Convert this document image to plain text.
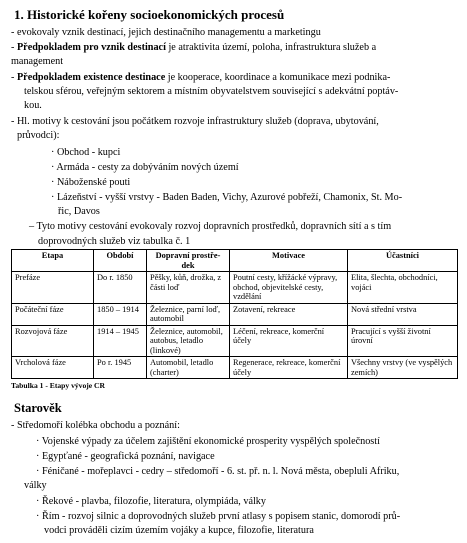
1. Historické kořeny socioekonomických procesů
- evokovaly vznik destinací, jejich destinačního managementu a marketingu
- Předpokladem pro vznik destinací je atraktivita území, poloha, infrastruktura služeb a
management
- Předpokladem existence destinace je kooperace, koordinace a komunikace mezi podnika-
telskou sférou, veřejným sektorem a místním obyvatelstvem související s adekvátní poptáv-
kou.
- Hl. motivy k cestování jsou počátkem rozvoje infrastruktury služeb (doprava, ubytování,
průvodci):
· Obchod - kupci
· Armáda - cesty za dobýváním nových území
· Náboženské pouti
· Lázeňství - vyšší vrstvy - Baden Baden, Vichy, Azurové pobřeží, Chamonix, St. Mo-
řic, Davos
– Tyto motivy cestování evokovaly rozvoj dopravních prostředků, dopravních sítí a s tím
doprovodných služeb viz tabulka č. 1
Etapa	Období	Dopravní prostře-dek	Motivace	Účastníci
Prefáze	Do r. 1850	Pěšky, kůň, drožka, z části loď	Poutní cesty, křížácké výpravy, obchod, objevitelské cesty, vzdělání	Elita, šlechta, obchodníci, vojáci
Počáteční fáze	1850 – 1914	Železnice, parní loď, automobil	Zotavení, rekreace	Nová střední vrstva
Rozvojová fáze	1914 – 1945	Železnice, automobil, autobus, letadlo (linkové)	Léčení, rekreace, komerční účely	Pracující s vyšší životní úrovní
Vrcholová fáze	Po r. 1945	Automobil, letadlo (charter)	Regenerace, rekreace, komerční účely	Všechny vrstvy (ve vyspělých zemích)
Tabulka 1 - Etapy vývoje CR
Starověk
- Středomoří kolébka obchodu a poznání:
· Vojenské výpady za účelem zajištění ekonomické prosperity vyspělých společností
· Egypťané - geografická poznání, navigace
· Féničané - mořeplavci - cedry – středomoří - 6. st. př. n. l. Nová města, obepluli Afriku,
války
· Řekové - plavba, filozofie, literatura, olympiáda, války
· Řím - rozvoj silnic a doprovodných služeb první atlasy s popisem stanic, domorodí prů-
vodci prováděli cizím územím vojáky a kupce, filozofie, literatura
